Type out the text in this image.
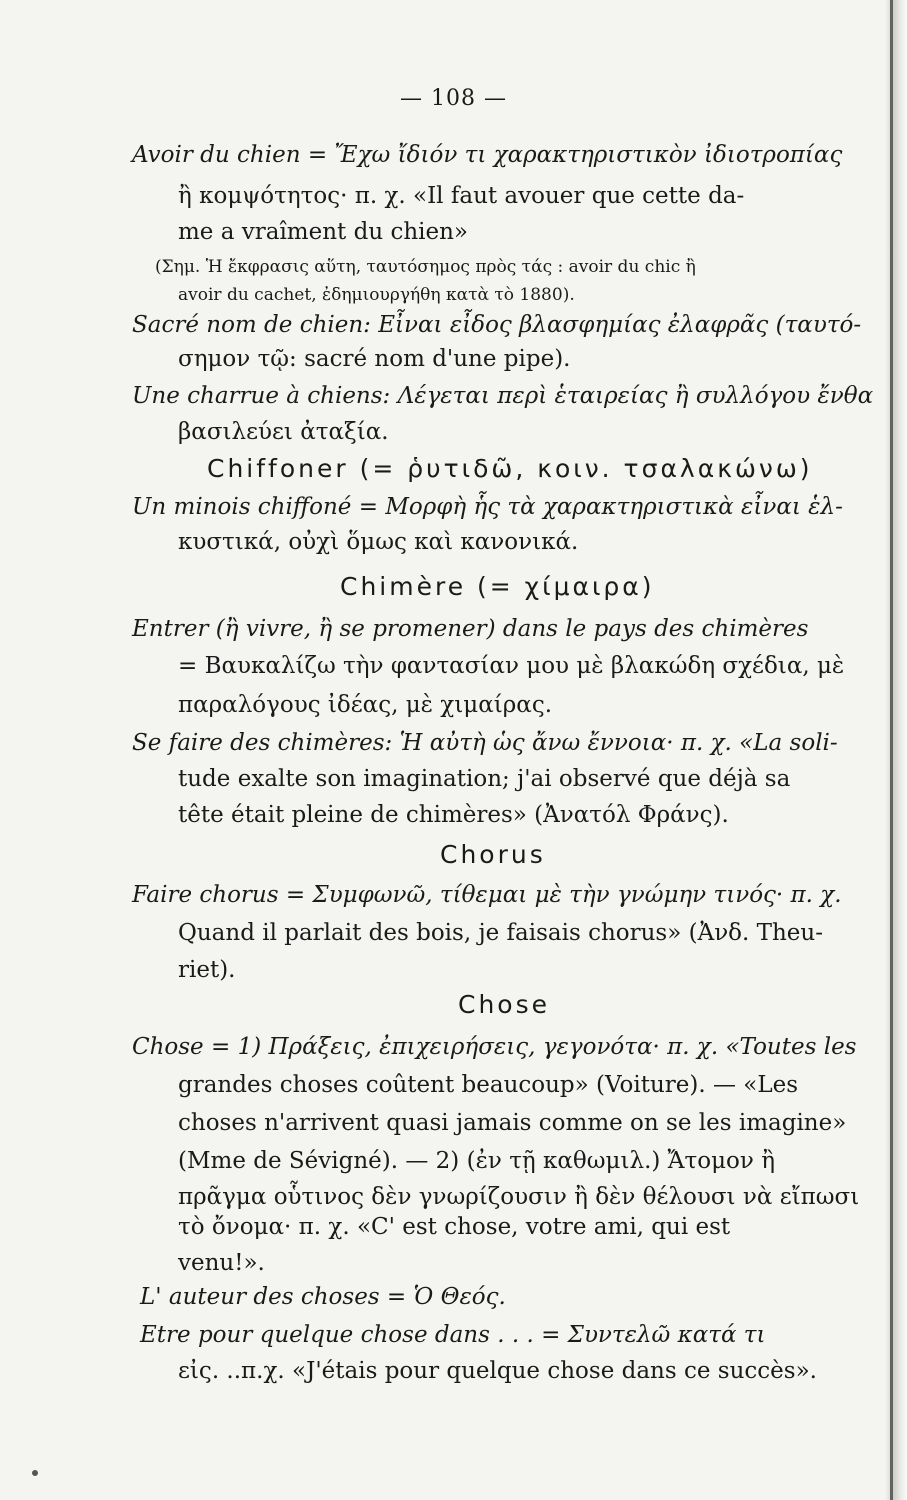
— 108 —
Avoir du chien = Ἔχω ἴδιόν τι χαρακτηριστικὸν ἰδιοτροπίας
ἢ κομψότητος· π. χ. «Il faut avouer que cette da-
me a vraîment du chien»
(Σημ. Ἡ ἔκφρασις αὕτη, ταυτόσημος πρὸς τάς : avoir du chic ἢ
avoir du cachet, ἐδημιουργήθη κατὰ τὸ 1880).
Sacré nom de chien: Εἶναι εἶδος βλασφημίας ἐλαφρᾶς (ταυτό-
σημον τῷ: sacré nom d'une pipe).
Une charrue à chiens: Λέγεται περὶ ἑταιρείας ἢ συλλόγου ἔνθα
βασιλεύει ἀταξία.
Chiffoner (= ῥυτιδῶ, κοιν. τσαλακώνω)
Un minois chiffoné = Μορφὴ ἧς τὰ χαρακτηριστικὰ εἶναι ἑλ-
κυστικά, οὐχὶ ὅμως καὶ κανονικά.
Chimère (= χίμαιρα)
Entrer (ἢ vivre, ἢ se promener) dans le pays des chimères
= Βαυκαλίζω τὴν φαντασίαν μου μὲ βλακώδη σχέδια, μὲ
παραλόγους ἰδέας, μὲ χιμαίρας.
Se faire des chimères: Ἡ αὐτὴ ὡς ἄνω ἔννοια· π. χ. «La soli-
tude exalte son imagination; j'ai observé que déjà sa
tête était pleine de chimères» (Ἀνατόλ Φράνς).
Chorus
Faire chorus = Συμφωνῶ, τίθεμαι μὲ τὴν γνώμην τινός· π. χ.
Quand il parlait des bois, je faisais chorus» (Ἀνδ. Theu-
riet).
Chose
Chose = 1) Πράξεις, ἐπιχειρήσεις, γεγονότα· π. χ. «Toutes les
grandes choses coûtent beaucoup» (Voiture). — «Les
choses n'arrivent quasi jamais comme on se les imagine»
(Mme de Sévigné). — 2) (ἐν τῇ καθωμιλ.) Ἄτομον ἢ
πρᾶγμα οὗτινος δὲν γνωρίζουσιν ἢ δὲν θέλουσι νὰ εἴπωσι
τὸ ὄνομα· π. χ. «C' est chose, votre ami, qui est
venu!».
L' auteur des choses = Ὁ Θεός.
Etre pour quelque chose dans . . . = Συντελῶ κατά τι
εἰς. ..π.χ. «J'étais pour quelque chose dans ce succès».
